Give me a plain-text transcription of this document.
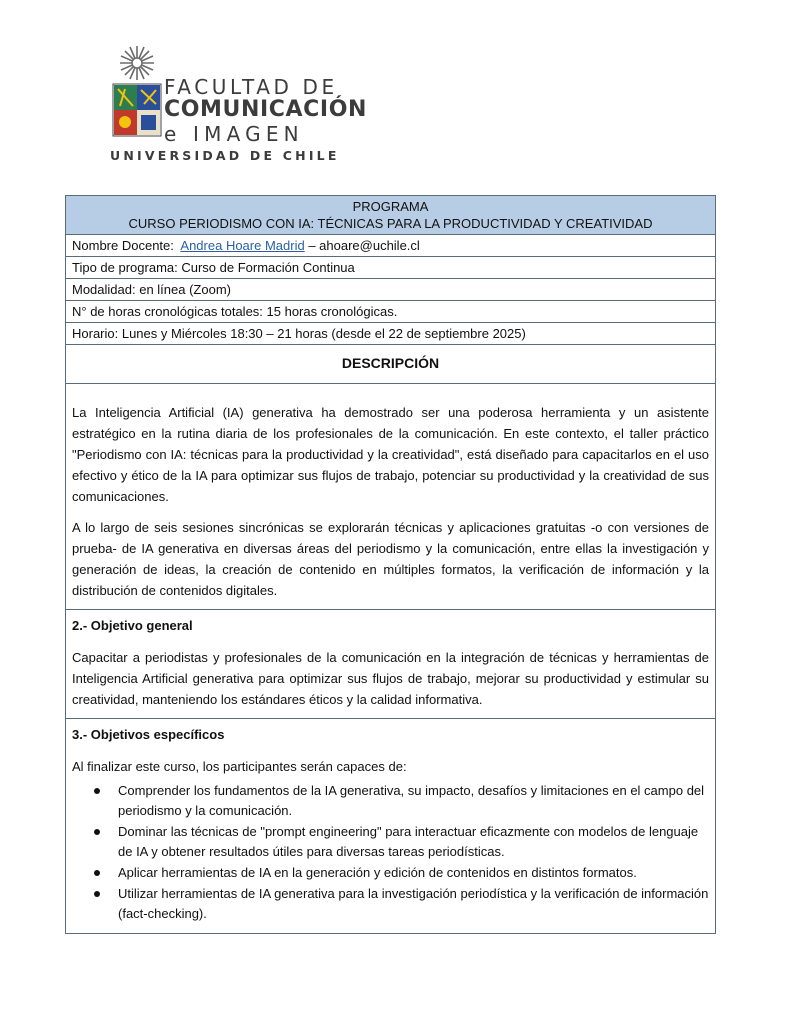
FACULTAD DE
COMUNICACIÓN
e IMAGEN
UNIVERSIDAD DE CHILE
PROGRAMA
CURSO PERIODISMO CON IA: TÉCNICAS PARA LA PRODUCTIVIDAD Y CREATIVIDAD
Nombre Docente: Andrea Hoare Madrid – ahoare@uchile.cl
Tipo de programa: Curso de Formación Continua
Modalidad: en línea (Zoom)
N° de horas cronológicas totales: 15 horas cronológicas.
Horario: Lunes y Miércoles 18:30 – 21 horas (desde el 22 de septiembre 2025)
DESCRIPCIÓN

La Inteligencia Artificial (IA) generativa ha demostrado ser una poderosa herramienta y un asistente estratégico en la rutina diaria de los profesionales de la comunicación. En este contexto, el taller práctico "Periodismo con IA: técnicas para la productividad y la creatividad", está diseñado para capacitarlos en el uso efectivo y ético de la IA para optimizar sus flujos de trabajo, potenciar su productividad y la creatividad de sus comunicaciones.

A lo largo de seis sesiones sincrónicas se explorarán técnicas y aplicaciones gratuitas -o con versiones de prueba- de IA generativa en diversas áreas del periodismo y la comunicación, entre ellas la investigación y generación de ideas, la creación de contenido en múltiples formatos, la verificación de información y la distribución de contenidos digitales.

2.- Objetivo general

Capacitar a periodistas y profesionales de la comunicación en la integración de técnicas y herramientas de Inteligencia Artificial generativa para optimizar sus flujos de trabajo, mejorar su productividad y estimular su creatividad, manteniendo los estándares éticos y la calidad informativa.

3.- Objetivos específicos

Al finalizar este curso, los participantes serán capaces de:

Comprender los fundamentos de la IA generativa, su impacto, desafíos y limitaciones en el campo del periodismo y la comunicación.
Dominar las técnicas de "prompt engineering" para interactuar eficazmente con modelos de lenguaje de IA y obtener resultados útiles para diversas tareas periodísticas.
Aplicar herramientas de IA en la generación y edición de contenidos en distintos formatos.
Utilizar herramientas de IA generativa para la investigación periodística y la verificación de información (fact-checking).
